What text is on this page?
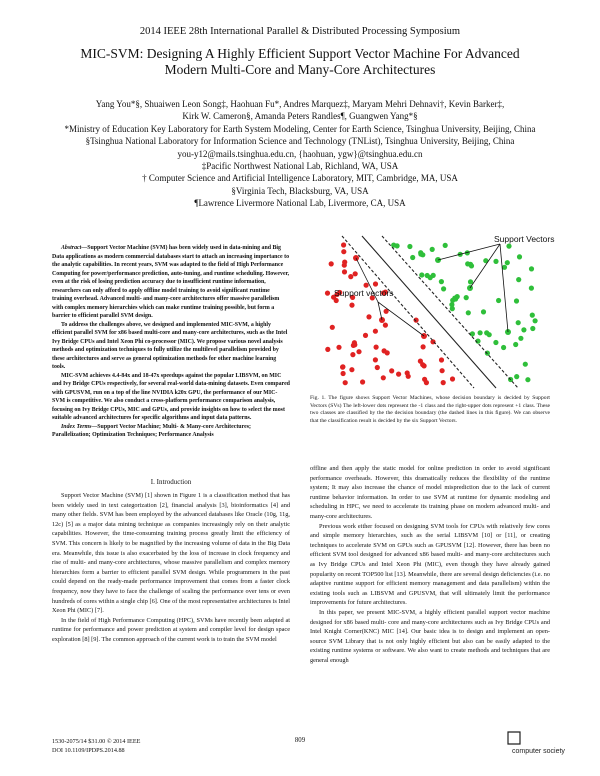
2014 IEEE 28th International Parallel & Distributed Processing Symposium
MIC-SVM: Designing A Highly Efficient Support Vector Machine For Advanced Modern Multi-Core and Many-Core Architectures
Yang You*§, Shuaiwen Leon Song‡, Haohuan Fu*, Andres Marquez‡, Maryam Mehri Dehnavi†, Kevin Barker‡,
Kirk W. Cameron§, Amanda Peters Randles¶, Guangwen Yang*§
*Ministry of Education Key Laboratory for Earth System Modeling, Center for Earth Science, Tsinghua University, Beijing, China
§Tsinghua National Laboratory for Information Science and Technology (TNList), Tsinghua University, Beijing, China
you-y12@mails.tsinghua.edu.cn, {haohuan, ygw}@tsinghua.edu.cn
‡Pacific Northwest National Lab, Richland, WA, USA
† Computer Science and Artificial Intelligence Laboratory, MIT, Cambridge, MA, USA
§Virginia Tech, Blacksburg, VA, USA
¶Lawrence Livermore National Lab, Livermore, CA, USA

Abstract—Support Vector Machine (SVM) has been widely used in data-mining and Big Data applications as modern commercial databases start to attach an increasing importance to the analytic capabilities. In recent years, SVM was adapted to the field of High Performance Computing for power/performance prediction, auto-tuning, and runtime scheduling. However, even at the risk of losing prediction accuracy due to insufficient runtime information, researchers can only afford to apply offline model training to avoid significant runtime training overhead. Advanced multi- and many-core architectures offer massive parallelism with complex memory hierarchies which can make runtime training possible, but form a barrier to efficient parallel SVM design.

To address the challenges above, we designed and implemented MIC-SVM, a highly efficient parallel SVM for x86 based multi-core and many-core architectures, such as the Intel Ivy Bridge CPUs and Intel Xeon Phi co-processor (MIC). We propose various novel analysis methods and optimization techniques to fully utilize the multilevel parallelism provided by these architectures and serve as general optimization methods for other machine learning tools.

MIC-SVM achieves 4.4-84x and 18-47x speedups against the popular LIBSVM, on MIC and Ivy Bridge CPUs respectively, for several real-world data-mining datasets. Even compared with GPUSVM, run on a top of the line NVIDIA k20x GPU, the performance of our MIC-SVM is competitive. We also conduct a cross-platform performance comparison analysis, focusing on Ivy Bridge CPUs, MIC and GPUs, and provide insights on how to select the most suitable advanced architectures for specific algorithms and input data patterns.

Index Terms—Support Vector Machine; Multi- & Many-core Architectures; Parallelization; Optimization Techniques; Performance Analysis

I. Introduction

Support Vector Machine (SVM) [1] shown in Figure 1 is a classification method that has been widely used in text categorization [2], financial analysis [3], bioinformatics [4] and many other fields. SVM has been employed by the advanced databases like Oracle (10g, 11g, 12c) [5] as a major data mining technique as companies increasingly rely on their analytic capabilities. However, the time-consuming training process greatly limit the efficiency of SVM. This concern is likely to be magnified by the increasing volume of data in the Big Data era. Meanwhile, this issue is also exacerbated by the loss of increase in clock frequency and rise of multi- and many-core architectures, whose massive parallelism and complex memory hierarchies form a barrier to efficient parallel SVM design. While programmers in the past could depend on the ready-made performance improvement that comes from a faster clock frequency, now they have to face the challenge of scaling the performance over tens or even hundreds of cores within a single chip [6]. One of the most representative architectures is Intel Xeon Phi (MIC) [7].

In the field of High Performance Computing (HPC), SVMs have recently been adapted at runtime for performance and power prediction at system and compiler level for design space exploration [8] [9]. The common approach of the current work is to train the SVM model

Support Vectors
Support vectors
Fig. 1. The figure shows Support Vector Machines, whose decision boundary is decided by Support Vectors (SVs) The left-lower dots represent the -1 class and the right-upper dots represent +1 class. These two classes are classified by the the decision boundary (the dashed lines in this figure). We can observe that the classification result is decided by the six Support Vectors.

offline and then apply the static model for online prediction in order to avoid significant performance overheads. However, this dramatically reduces the flexibility of the runtime system; It may also increase the chance of model misprediction due to the lack of current runtime behavior information. In order to use SVM at runtime for dynamic modeling and scheduling in HPC, we need to accelerate its training phase on modern advanced multi- and many-core architectures.

Previous work either focused on designing SVM tools for CPUs with relatively few cores and simple memory hierarchies, such as the serial LIBSVM [10] or [11], or creating techniques to accelerate SVM on GPUs such as GPUSVM [12]. However, there has been no efficient SVM tool designed for advanced x86 based multi- and many-core architectures such as Ivy Bridge CPUs and Intel Xeon Phi (MIC), even though they have already gained popularity on recent TOP500 list [13]. Meanwhile, there are several design deficiencies (i.e. no adaptive runtime support for efficient memory management and data parallelism) within the existing tools such as LIBSVM and GPUSVM, that will ultimately limit the performance improvements for future architectures.

In this paper, we present MIC-SVM, a highly efficient parallel support vector machine designed for x86 based multi- core and many-core architectures such as Ivy Bridge CPUs and Intel Knight Corner(KNC) MIC [14]. Our basic idea is to design and implement an open-source SVM Library that is not only highly efficient but also can be easily adapted to the existing runtime systems or software. We also want to create methods and techniques that are general enough

1530-2075/14 $31.00 © 2014 IEEE
DOI 10.1109/IPDPS.2014.88
809
computer society
